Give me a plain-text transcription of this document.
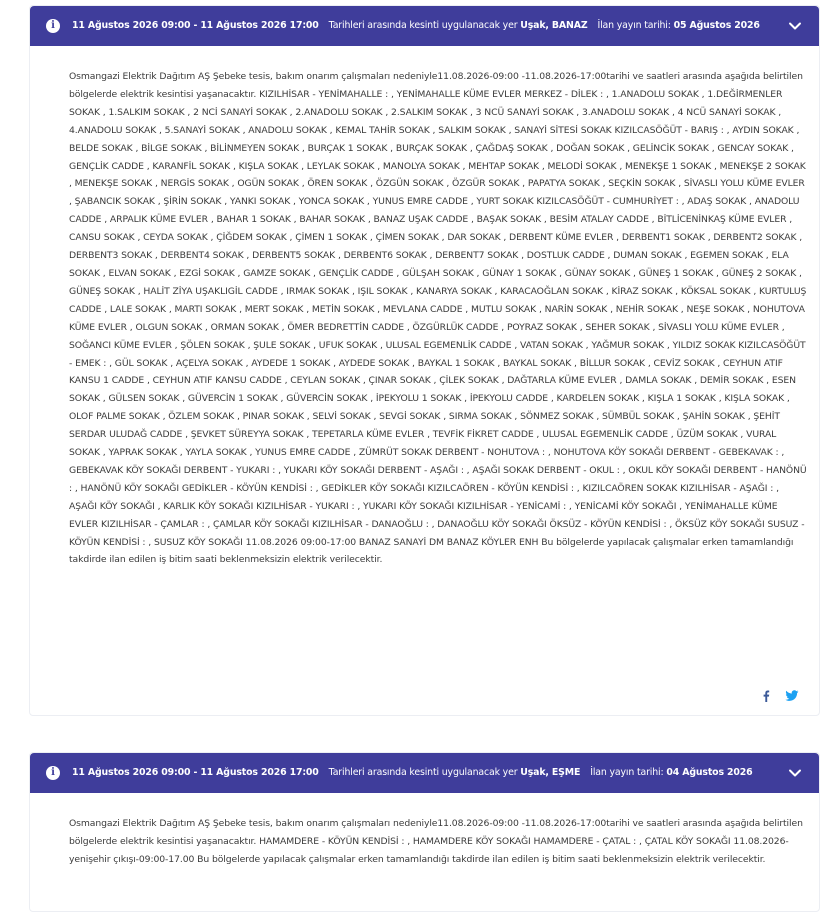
i	11 Ağustos 2026 09:00 - 11 Ağustos 2026 17:00 Tarihleri arasında kesinti uygulanacak yer Uşak, BANAZ İlan yayın tarihi: 05 Ağustos 2026
Osmangazi Elektrik Dağıtım AŞ Şebeke tesis, bakım onarım çalışmaları nedeniyle11.08.2026-09:00 -11.08.2026-17:00tarihi ve saatleri arasında aşağıda belirtilen bölgelerde elektrik kesintisi yaşanacaktır. KIZILHİSAR - YENİMAHALLE : , YENİMAHALLE KÜME EVLER MERKEZ - DİLEK : , 1.ANADOLU SOKAK , 1.DEĞİRMENLER SOKAK , 1.SALKIM SOKAK , 2 NCİ SANAYİ SOKAK , 2.ANADOLU SOKAK , 2.SALKIM SOKAK , 3 NCÜ SANAYİ SOKAK , 3.ANADOLU SOKAK , 4 NCÜ SANAYİ SOKAK , 4.ANADOLU SOKAK , 5.SANAYİ SOKAK , ANADOLU SOKAK , KEMAL TAHİR SOKAK , SALKIM SOKAK , SANAYİ SİTESİ SOKAK KIZILCASÖĞÜT - BARIŞ : , AYDIN SOKAK , BELDE SOKAK , BİLGE SOKAK , BİLİNMEYEN SOKAK , BURÇAK 1 SOKAK , BURÇAK SOKAK , ÇAĞDAŞ SOKAK , DOĞAN SOKAK , GELİNCİK SOKAK , GENCAY SOKAK , GENÇLİK CADDE , KARANFİL SOKAK , KIŞLA SOKAK , LEYLAK SOKAK , MANOLYA SOKAK , MEHTAP SOKAK , MELODİ SOKAK , MENEKŞE 1 SOKAK , MENEKŞE 2 SOKAK , MENEKŞE SOKAK , NERGİS SOKAK , OGÜN SOKAK , ÖREN SOKAK , ÖZGÜN SOKAK , ÖZGÜR SOKAK , PAPATYA SOKAK , SEÇKİN SOKAK , SİVASLI YOLU KÜME EVLER , ŞABANCIK SOKAK , ŞİRİN SOKAK , YANKI SOKAK , YONCA SOKAK , YUNUS EMRE CADDE , YURT SOKAK KIZILCASÖĞÜT - CUMHURİYET : , ADAŞ SOKAK , ANADOLU CADDE , ARPALIK KÜME EVLER , BAHAR 1 SOKAK , BAHAR SOKAK , BANAZ UŞAK CADDE , BAŞAK SOKAK , BESİM ATALAY CADDE , BİTLİCENİNKAŞ KÜME EVLER , CANSU SOKAK , CEYDA SOKAK , ÇİĞDEM SOKAK , ÇİMEN 1 SOKAK , ÇİMEN SOKAK , DAR SOKAK , DERBENT KÜME EVLER , DERBENT1 SOKAK , DERBENT2 SOKAK , DERBENT3 SOKAK , DERBENT4 SOKAK , DERBENT5 SOKAK , DERBENT6 SOKAK , DERBENT7 SOKAK , DOSTLUK CADDE , DUMAN SOKAK , EGEMEN SOKAK , ELA SOKAK , ELVAN SOKAK , EZGİ SOKAK , GAMZE SOKAK , GENÇLİK CADDE , GÜLŞAH SOKAK , GÜNAY 1 SOKAK , GÜNAY SOKAK , GÜNEŞ 1 SOKAK , GÜNEŞ 2 SOKAK , GÜNEŞ SOKAK , HALİT ZİYA UŞAKLIGİL CADDE , IRMAK SOKAK , IŞIL SOKAK , KANARYA SOKAK , KARACAOĞLAN SOKAK , KİRAZ SOKAK , KÖKSAL SOKAK , KURTULUŞ CADDE , LALE SOKAK , MARTI SOKAK , MERT SOKAK , METİN SOKAK , MEVLANA CADDE , MUTLU SOKAK , NARİN SOKAK , NEHİR SOKAK , NEŞE SOKAK , NOHUTOVA KÜME EVLER , OLGUN SOKAK , ORMAN SOKAK , ÖMER BEDRETTİN CADDE , ÖZGÜRLÜK CADDE , POYRAZ SOKAK , SEHER SOKAK , SİVASLI YOLU KÜME EVLER , SOĞANCI KÜME EVLER , ŞÖLEN SOKAK , ŞULE SOKAK , UFUK SOKAK , ULUSAL EGEMENLİK CADDE , VATAN SOKAK , YAĞMUR SOKAK , YILDIZ SOKAK KIZILCASÖĞÜT - EMEK : , GÜL SOKAK , AÇELYA SOKAK , AYDEDE 1 SOKAK , AYDEDE SOKAK , BAYKAL 1 SOKAK , BAYKAL SOKAK , BİLLUR SOKAK , CEVİZ SOKAK , CEYHUN ATIF KANSU 1 CADDE , CEYHUN ATIF KANSU CADDE , CEYLAN SOKAK , ÇINAR SOKAK , ÇİLEK SOKAK , DAĞTARLA KÜME EVLER , DAMLA SOKAK , DEMİR SOKAK , ESEN SOKAK , GÜLSEN SOKAK , GÜVERCİN 1 SOKAK , GÜVERCİN SOKAK , İPEKYOLU 1 SOKAK , İPEKYOLU CADDE , KARDELEN SOKAK , KIŞLA 1 SOKAK , KIŞLA SOKAK , OLOF PALME SOKAK , ÖZLEM SOKAK , PINAR SOKAK , SELVİ SOKAK , SEVGİ SOKAK , SIRMA SOKAK , SÖNMEZ SOKAK , SÜMBÜL SOKAK , ŞAHİN SOKAK , ŞEHİT SERDAR ULUDAĞ CADDE , ŞEVKET SÜREYYA SOKAK , TEPETARLA KÜME EVLER , TEVFİK FİKRET CADDE , ULUSAL EGEMENLİK CADDE , ÜZÜM SOKAK , VURAL SOKAK , YAPRAK SOKAK , YAYLA SOKAK , YUNUS EMRE CADDE , ZÜMRÜT SOKAK DERBENT - NOHUTOVA : , NOHUTOVA KÖY SOKAĞI DERBENT - GEBEKAVAK : , GEBEKAVAK KÖY SOKAĞI DERBENT - YUKARI : , YUKARI KÖY SOKAĞI DERBENT - AŞAĞI : , AŞAĞI SOKAK DERBENT - OKUL : , OKUL KÖY SOKAĞI DERBENT - HANÖNÜ : , HANÖNÜ KÖY SOKAĞI GEDİKLER - KÖYÜN KENDİSİ : , GEDİKLER KÖY SOKAĞI KIZILCAÖREN - KÖYÜN KENDİSİ : , KIZILCAÖREN SOKAK KIZILHİSAR - AŞAĞI : , AŞAĞI KÖY SOKAĞI , KARLIK KÖY SOKAĞI KIZILHİSAR - YUKARI : , YUKARI KÖY SOKAĞI KIZILHİSAR - YENİCAMİ : , YENİCAMİ KÖY SOKAĞI , YENİMAHALLE KÜME EVLER KIZILHİSAR - ÇAMLAR : , ÇAMLAR KÖY SOKAĞI KIZILHİSAR - DANAOĞLU : , DANAOĞLU KÖY SOKAĞI ÖKSÜZ - KÖYÜN KENDİSİ : , ÖKSÜZ KÖY SOKAĞI SUSUZ - KÖYÜN KENDİSİ : , SUSUZ KÖY SOKAĞI 11.08.2026 09:00-17:00 BANAZ SANAYİ DM BANAZ KÖYLER ENH Bu bölgelerde yapılacak çalışmalar erken tamamlandığı takdirde ilan edilen iş bitim saati beklenmeksizin elektrik verilecektir.
i	11 Ağustos 2026 09:00 - 11 Ağustos 2026 17:00 Tarihleri arasında kesinti uygulanacak yer Uşak, EŞME İlan yayın tarihi: 04 Ağustos 2026
Osmangazi Elektrik Dağıtım AŞ Şebeke tesis, bakım onarım çalışmaları nedeniyle11.08.2026-09:00 -11.08.2026-17:00tarihi ve saatleri arasında aşağıda belirtilen bölgelerde elektrik kesintisi yaşanacaktır. HAMAMDERE - KÖYÜN KENDİSİ : , HAMAMDERE KÖY SOKAĞI HAMAMDERE - ÇATAL : , ÇATAL KÖY SOKAĞI 11.08.2026-yenişehir çıkışı-09:00-17.00 Bu bölgelerde yapılacak çalışmalar erken tamamlandığı takdirde ilan edilen iş bitim saati beklenmeksizin elektrik verilecektir.
